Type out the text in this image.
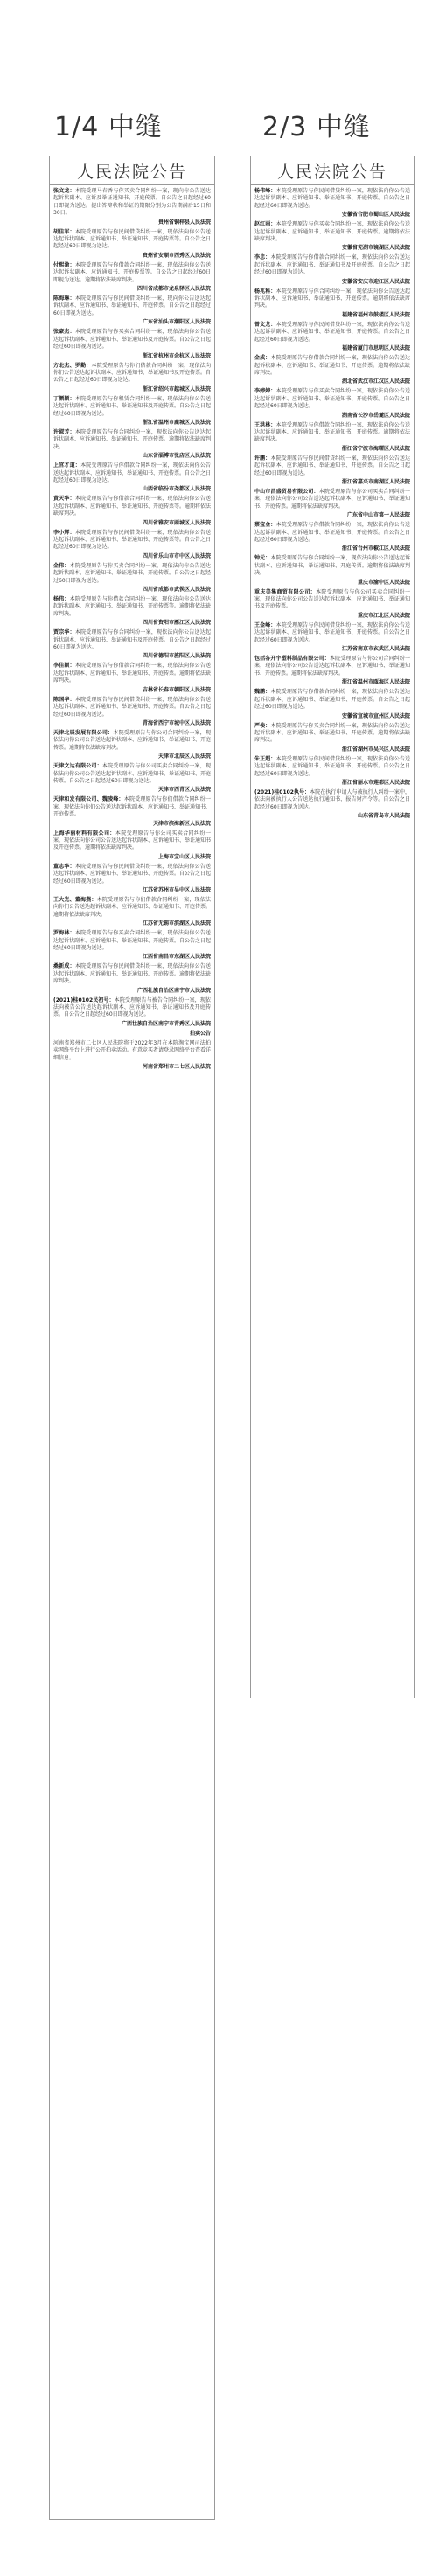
1/4 中缝	2/3 中缝
人民法院公告
张文龙：本院受理马春香与你买卖合同纠纷一案，现向你公告送达起诉状副本、应诉及举证通知书、开庭传票。自公告之日起经过60日即视为送达。提出答辩状和举证的期限分别为公告期满后15日和30日。
贵州省铜梓县人民法院
胡佳军：本院受理原告与你民间借贷纠纷一案，现依法向你公告送达起诉状副本、应诉通知书、举证通知书、开庭传票等。自公告之日起经过60日即视为送达。
贵州省安顺市西秀区人民法院
付熙渝：本院受理原告与你借款合同纠纷一案，现依法向你公告送达起诉状副本、应诉通知书、开庭传票等。自公告之日起经过60日即视为送达。逾期将依法缺席判决。
四川省成都市龙泉驿区人民法院
陈海琳：本院受理原告与你民间借贷纠纷一案，现向你公告送达起诉状副本、应诉通知书、举证通知书、开庭传票。自公告之日起经过60日即视为送达。
广东省汕头市潮阳区人民法院
张豪杰：本院受理原告与你买卖合同纠纷一案，现依法向你公告送达起诉状副本、应诉通知书、举证通知书及开庭传票。自公告之日起经过60日即视为送达。
浙江省杭州市余杭区人民法院
方北杰、罗勤：本院受理原告与你们借款合同纠纷一案，现依法向你们公告送达起诉状副本、应诉通知书、举证通知书及开庭传票。自公告之日起经过60日即视为送达。
浙江省绍兴市越城区人民法院
丁颜颖：本院受理原告与你租赁合同纠纷一案，现依法向你公告送达起诉状副本、应诉通知书、举证通知书及开庭传票。自公告之日起经过60日即视为送达。
浙江省温州市鹿城区人民法院
许淑芳：本院受理原告与你合同纠纷一案，现依法向你公告送达起诉状副本、应诉通知书、举证通知书、开庭传票。逾期将依法缺席判决。
山东省淄博市张店区人民法院
上官才道：本院受理原告与你借款合同纠纷一案，现依法向你公告送达起诉状副本、应诉通知书、举证通知书、开庭传票。自公告之日起经过60日即视为送达。
山西省临汾市尧都区人民法院
黄天华：本院受理原告与你借款合同纠纷一案，现依法向你公告送达起诉状副本、应诉通知书、举证通知书、开庭传票等。逾期将依法缺席判决。
四川省雅安市雨城区人民法院
李小辉：本院受理原告与你民间借贷纠纷一案，现依法向你公告送达起诉状副本、应诉通知书、举证通知书、开庭传票等。自公告之日起经过60日即视为送达。
四川省乐山市市中区人民法院
金伟：本院受理原告与你买卖合同纠纷一案，现依法向你公告送达起诉状副本、应诉通知书、举证通知书、开庭传票。自公告之日起经过60日即视为送达。
四川省成都市武侯区人民法院
杨伟：本院受理原告与你借款合同纠纷一案，现依法向你公告送达起诉状副本、应诉通知书、举证通知书、开庭传票等。逾期将依法缺席判决。
四川省资阳市雁江区人民法院
贾宗华：本院受理原告与你合同纠纷一案，现依法向你公告送达起诉状副本、应诉通知书、举证通知书及开庭传票。自公告之日起经过60日即视为送达。
四川省德阳市旌阳区人民法院
李佳颖：本院受理原告与你借款合同纠纷一案，现依法向你公告送达起诉状副本、应诉通知书、举证通知书、开庭传票。逾期将依法缺席判决。
吉林省长春市朝阳区人民法院
陈国华：本院受理原告与你民间借贷纠纷一案，现依法向你公告送达起诉状副本、应诉通知书、举证通知书、开庭传票。自公告之日起经过60日即视为送达。
青海省西宁市城中区人民法院
天津北辰发展有限公司：本院受理原告与你公司合同纠纷一案，现依法向你公司公告送达起诉状副本、应诉通知书、举证通知书、开庭传票。逾期将依法缺席判决。
天津市北辰区人民法院
天津文达有限公司：本院受理原告与你公司买卖合同纠纷一案，现依法向你公司公告送达起诉状副本、应诉通知书、举证通知书、开庭传票。自公告之日起经过60日即视为送达。
天津市西青区人民法院
天津和发有限公司、魏凌峰：本院受理原告与你们借款合同纠纷一案，现依法向你们公告送达起诉状副本、应诉通知书、举证通知书、开庭传票。
天津市滨海新区人民法院
上海华丽材料有限公司：本院受理原告与你公司买卖合同纠纷一案，现依法向你公司公告送达起诉状副本、应诉通知书、举证通知书及开庭传票。逾期将依法缺席判决。
上海市宝山区人民法院
董志华：本院受理原告与你民间借贷纠纷一案，现依法向你公告送达起诉状副本、应诉通知书、举证通知书、开庭传票。自公告之日起经过60日即视为送达。
江苏省苏州市吴中区人民法院
王大光、董海燕：本院受理原告与你们借款合同纠纷一案，现依法向你们公告送达起诉状副本、应诉通知书、举证通知书、开庭传票。逾期将依法缺席判决。
江苏省无锡市滨湖区人民法院
罗海林：本院受理原告与你买卖合同纠纷一案，现依法向你公告送达起诉状副本、应诉通知书、举证通知书、开庭传票。自公告之日起经过60日即视为送达。
江西省南昌市东湖区人民法院
桑新成：本院受理原告与你民间借贷纠纷一案，现依法向你公告送达起诉状副本、应诉通知书、举证通知书、开庭传票。逾期将依法缺席判决。
广西壮族自治区南宁市人民法院
(2021)桂0102民初号：本院受理原告与被告合同纠纷一案，现依法向被告公告送达起诉状副本、应诉通知书、举证通知书及开庭传票。自公告之日起经过60日即视为送达。
广西壮族自治区南宁市青秀区人民法院
拍卖公告
河南省郑州市二七区人民法院将于2022年3月在本院淘宝网司法拍卖网络平台上进行公开拍卖活动。有意竞买者请登录网络平台查看详细信息。
河南省郑州市二七区人民法院
人民法院公告
杨伟峰：本院受理原告与你民间借贷纠纷一案，现依法向你公告送达起诉状副本、应诉通知书、举证通知书、开庭传票。自公告之日起经过60日即视为送达。
安徽省合肥市蜀山区人民法院
赵红雨：本院受理原告与你买卖合同纠纷一案，现依法向你公告送达起诉状副本、应诉通知书、举证通知书、开庭传票。逾期将依法缺席判决。
安徽省芜湖市镜湖区人民法院
李忠：本院受理原告与你借款合同纠纷一案，现依法向你公告送达起诉状副本、应诉通知书、举证通知书及开庭传票。自公告之日起经过60日即视为送达。
安徽省安庆市迎江区人民法院
杨兆科：本院受理原告与你合同纠纷一案，现依法向你公告送达起诉状副本、应诉通知书、举证通知书、开庭传票。逾期将依法缺席判决。
福建省福州市鼓楼区人民法院
曾文龙：本院受理原告与你民间借贷纠纷一案，现依法向你公告送达起诉状副本、应诉通知书、举证通知书、开庭传票。自公告之日起经过60日即视为送达。
福建省厦门市思明区人民法院
金成：本院受理原告与你借款合同纠纷一案，现依法向你公告送达起诉状副本、应诉通知书、举证通知书、开庭传票。逾期将依法缺席判决。
湖北省武汉市江汉区人民法院
李婷婷：本院受理原告与你买卖合同纠纷一案，现依法向你公告送达起诉状副本、应诉通知书、举证通知书、开庭传票。自公告之日起经过60日即视为送达。
湖南省长沙市岳麓区人民法院
王洪林：本院受理原告与你借款合同纠纷一案，现依法向你公告送达起诉状副本、应诉通知书、举证通知书、开庭传票。逾期将依法缺席判决。
浙江省宁波市海曙区人民法院
许鹏：本院受理原告与你民间借贷纠纷一案，现依法向你公告送达起诉状副本、应诉通知书、举证通知书、开庭传票。自公告之日起经过60日即视为送达。
浙江省嘉兴市南湖区人民法院
中山市昌盛贸易有限公司：本院受理原告与你公司买卖合同纠纷一案，现依法向你公司公告送达起诉状副本、应诉通知书、举证通知书、开庭传票。逾期将依法缺席判决。
广东省中山市第一人民法院
蔡宝金：本院受理原告与你借款合同纠纷一案，现依法向你公告送达起诉状副本、应诉通知书、举证通知书、开庭传票。自公告之日起经过60日即视为送达。
浙江省台州市椒江区人民法院
钟元：本院受理原告与你合同纠纷一案，现依法向你公告送达起诉状副本、应诉通知书、举证通知书、开庭传票。逾期将依法缺席判决。
重庆市渝中区人民法院
重庆美集商贸有限公司：本院受理原告与你公司买卖合同纠纷一案，现依法向你公司公告送达起诉状副本、应诉通知书、举证通知书及开庭传票。
重庆市江北区人民法院
王金峰：本院受理原告与你民间借贷纠纷一案，现依法向你公告送达起诉状副本、应诉通知书、举证通知书、开庭传票。自公告之日起经过60日即视为送达。
江苏省南京市玄武区人民法院
包括各开宇塑料制品有限公司：本院受理原告与你公司合同纠纷一案，现依法向你公司公告送达起诉状副本、应诉通知书、举证通知书、开庭传票。逾期将依法缺席判决。
浙江省温州市瓯海区人民法院
魏鹏：本院受理原告与你借款合同纠纷一案，现依法向你公告送达起诉状副本、应诉通知书、举证通知书、开庭传票。自公告之日起经过60日即视为送达。
安徽省宣城市宣州区人民法院
严俊：本院受理原告与你买卖合同纠纷一案，现依法向你公告送达起诉状副本、应诉通知书、举证通知书、开庭传票。逾期将依法缺席判决。
浙江省湖州市吴兴区人民法院
朱正超：本院受理原告与你民间借贷纠纷一案，现依法向你公告送达起诉状副本、应诉通知书、举证通知书、开庭传票。自公告之日起经过60日即视为送达。
浙江省丽水市莲都区人民法院
(2021)桂0102执号：本院在执行申请人与被执行人纠纷一案中，依法向被执行人公告送达执行通知书、报告财产令等。自公告之日起经过60日即视为送达。
山东省青岛市人民法院
